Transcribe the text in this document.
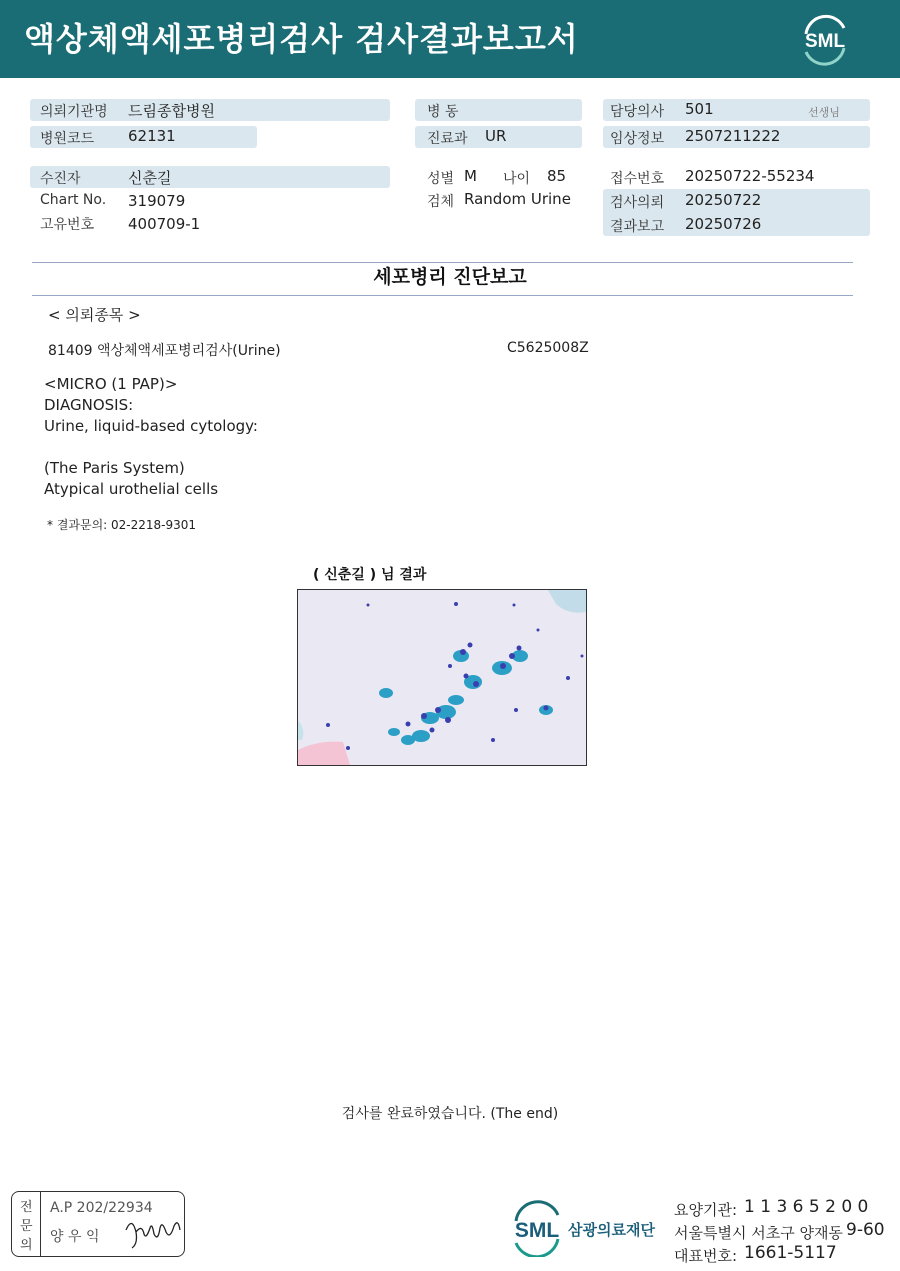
액상체액세포병리검사 검사결과보고서	SML
의뢰기관명 드림종합병원
병원코드 62131
병 동
진료과 UR
담당의사 501	선생님
임상정보 2507211222
수진자	신춘길
Chart No. 319079
고유번호 400709-1
성별 M 나이 85
검체 Random Urine
접수번호 20250722-55234
검사의뢰 20250722
결과보고 20250726
세포병리 진단보고
< 의뢰종목 >
81409 액상체액세포병리검사(Urine)	C5625008Z
<MICRO (1 PAP)>
DIAGNOSIS:
Urine, liquid-based cytology:
(The Paris System)
Atypical urothelial cells
* 결과문의: 02-2218-9301
( 신춘길 ) 님 결과
검사를 완료하였습니다. (The end)
전
문
의
A.P 202/22934
양 우 익	SML 삼광의료재단
요양기관: 1 1 3 6 5 2 0 0
서울특별시 서초구 양재동 9-60
대표번호: 1661-5117
